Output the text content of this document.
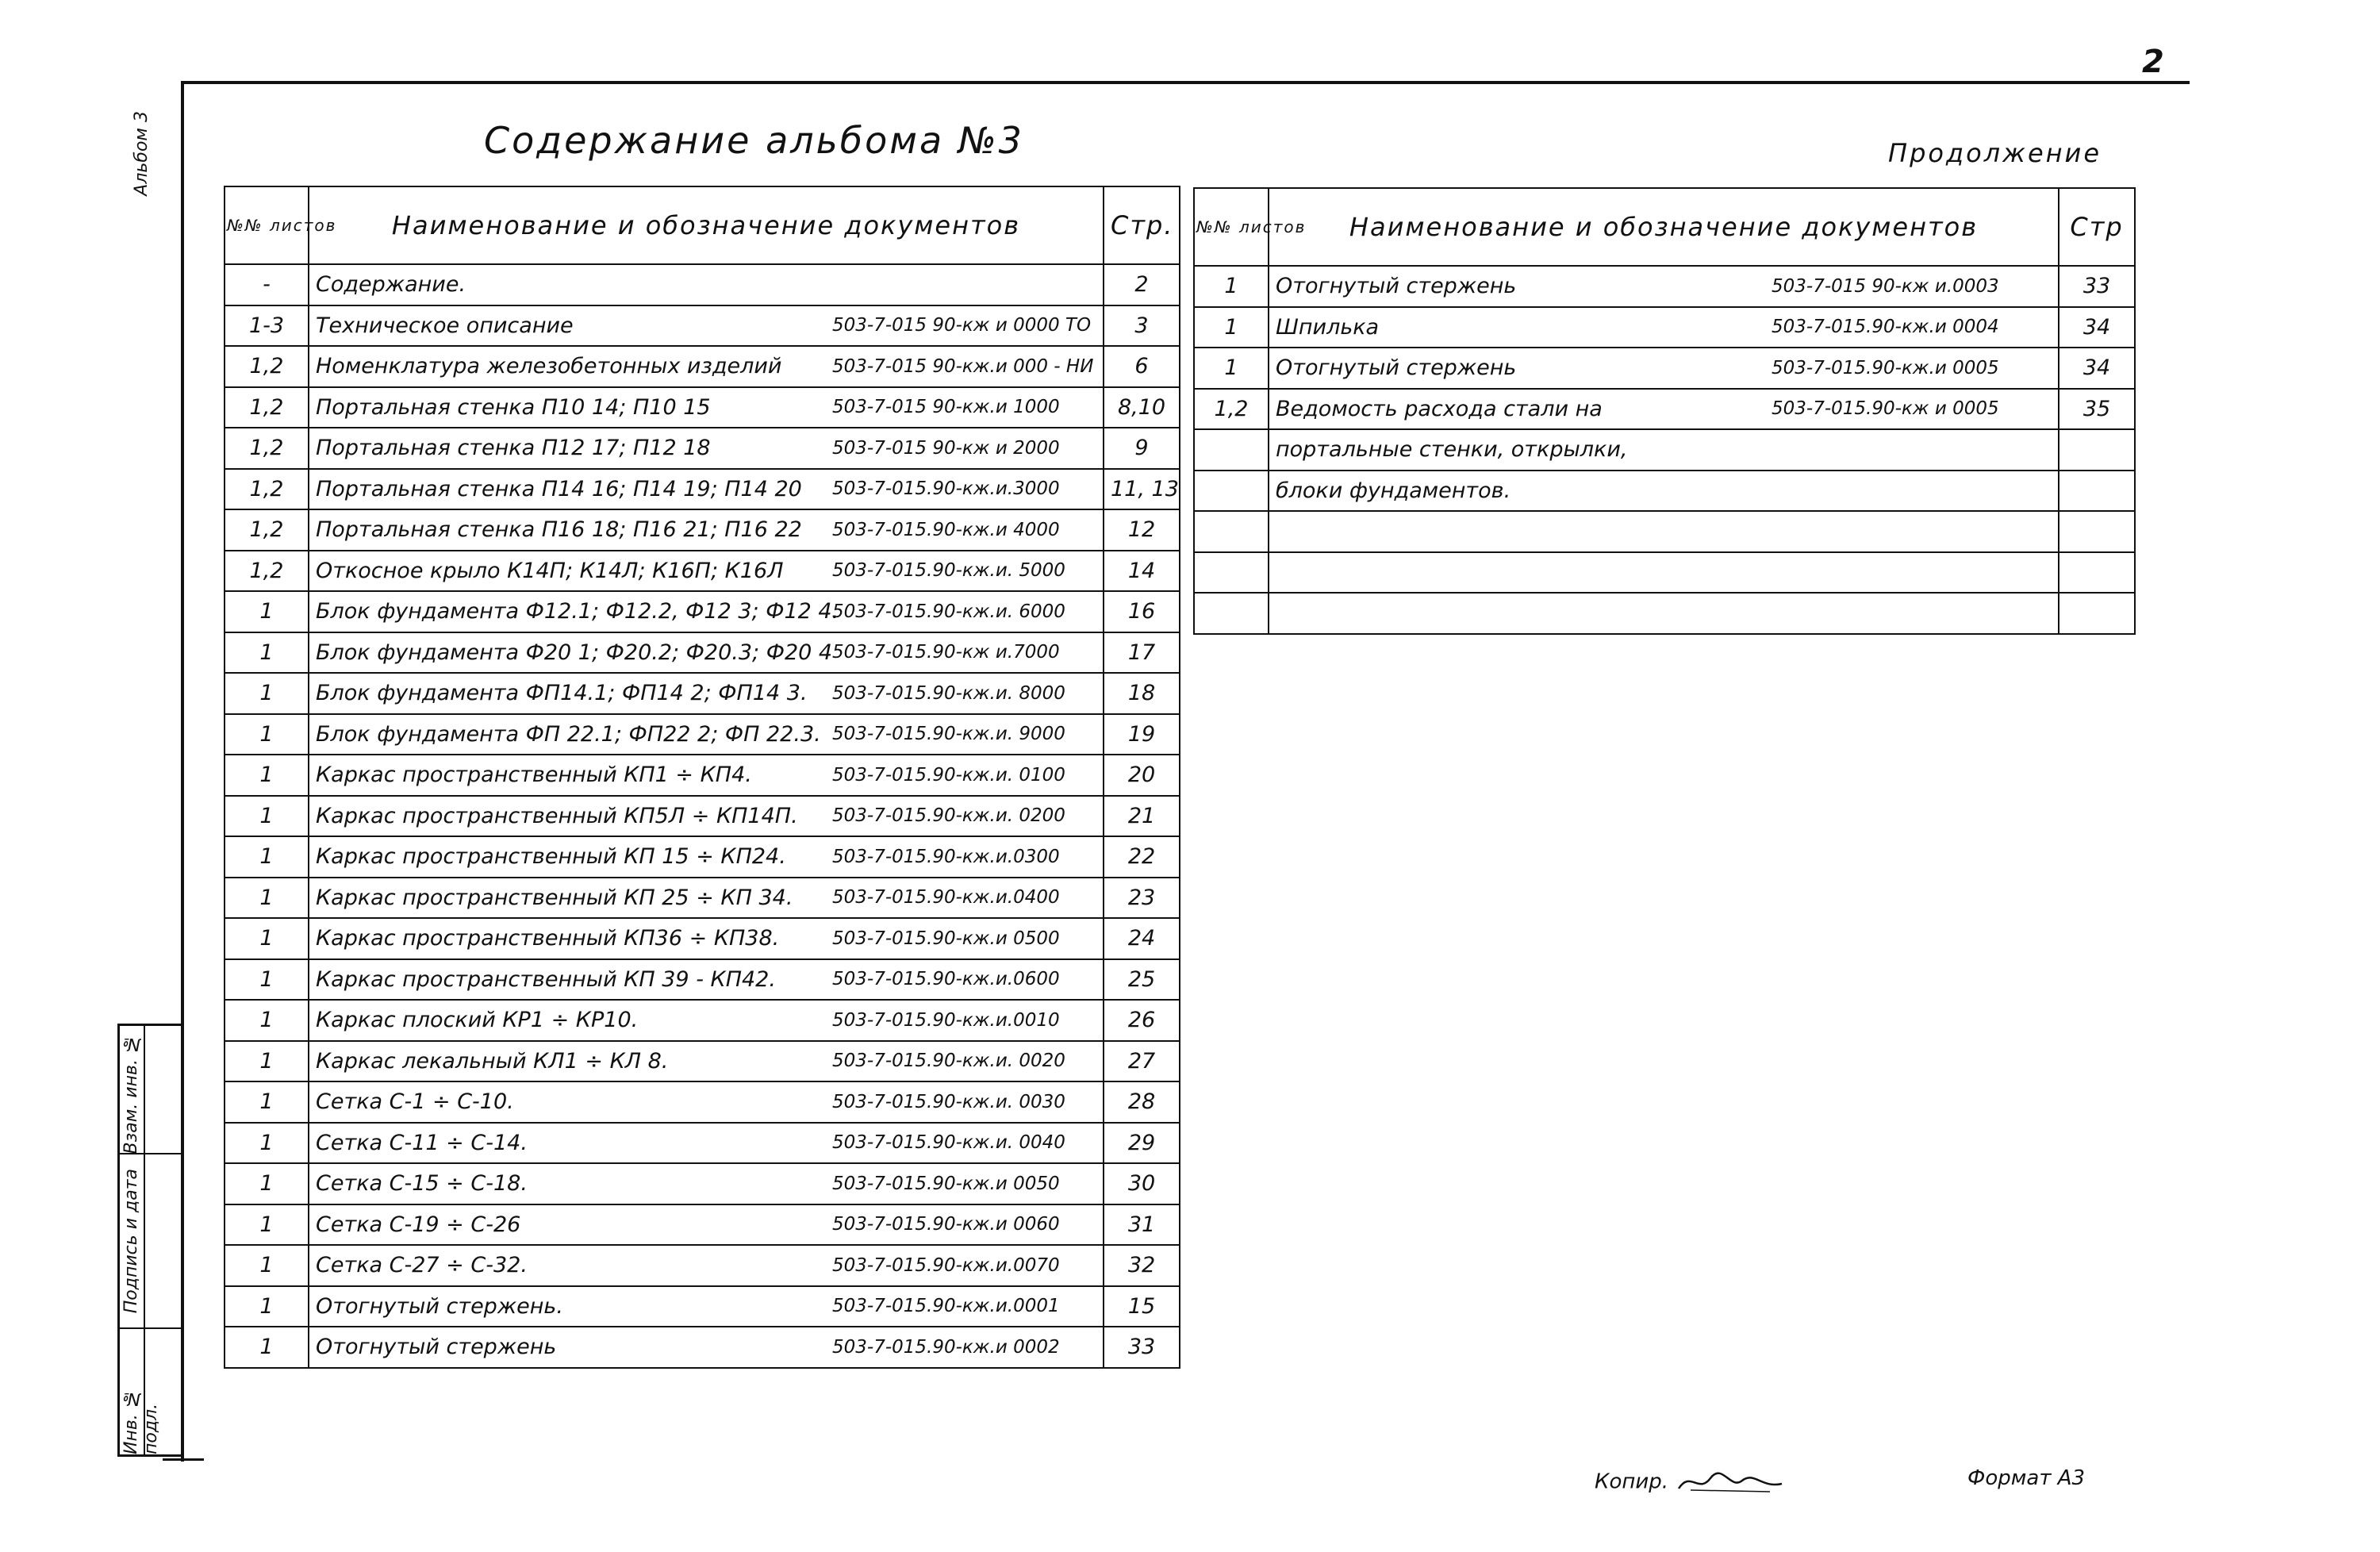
2
Альбом 3	Содержание альбома №3	Продолжение
№№ листов	Наименование и обозначение документов		Стр.
-	Содержание.		2
1-3	Техническое описание	503-7-015 90-кж и 0000 ТО	3
1,2	Номенклатура железобетонных изделий	503-7-015 90-кж.и 000 - НИ	6
1,2	Портальная стенка П10 14; П10 15	503-7-015 90-кж.и 1000	8,10
1,2	Портальная стенка П12 17; П12 18	503-7-015 90-кж и 2000	9
1,2	Портальная стенка П14 16; П14 19; П14 20	503-7-015.90-кж.и.3000	11, 13
1,2	Портальная стенка П16 18; П16 21; П16 22	503-7-015.90-кж.и 4000	12
1,2	Откосное крыло К14П; К14Л; К16П; К16Л	503-7-015.90-кж.и. 5000	14
1	Блок фундамента Ф12.1; Ф12.2, Ф12 3; Ф12 4.	503-7-015.90-кж.и. 6000	16
1	Блок фундамента Ф20 1; Ф20.2; Ф20.3; Ф20 4	503-7-015.90-кж и.7000	17
1	Блок фундамента ФП14.1; ФП14 2; ФП14 3.	503-7-015.90-кж.и. 8000	18
1	Блок фундамента ФП 22.1; ФП22 2; ФП 22.3.	503-7-015.90-кж.и. 9000	19
1	Каркас пространственный КП1 ÷ КП4.	503-7-015.90-кж.и. 0100	20
1	Каркас пространственный КП5Л ÷ КП14П.	503-7-015.90-кж.и. 0200	21
1	Каркас пространственный КП 15 ÷ КП24.	503-7-015.90-кж.и.0300	22
1	Каркас пространственный КП 25 ÷ КП 34.	503-7-015.90-кж.и.0400	23
1	Каркас пространственный КП36 ÷ КП38.	503-7-015.90-кж.и 0500	24
1	Каркас пространственный КП 39 - КП42.	503-7-015.90-кж.и.0600	25
1	Каркас плоский КР1 ÷ КР10.	503-7-015.90-кж.и.0010	26
1	Каркас лекальный КЛ1 ÷ КЛ 8.	503-7-015.90-кж.и. 0020	27
1	Сетка С-1 ÷ С-10.	503-7-015.90-кж.и. 0030	28
1	Сетка С-11 ÷ С-14.	503-7-015.90-кж.и. 0040	29
1	Сетка С-15 ÷ С-18.	503-7-015.90-кж.и 0050	30
1	Сетка С-19 ÷ С-26	503-7-015.90-кж.и 0060	31
1	Сетка С-27 ÷ С-32.	503-7-015.90-кж.и.0070	32
1	Отогнутый стержень.	503-7-015.90-кж.и.0001	15
1	Отогнутый стержень	503-7-015.90-кж.и 0002	33
№№ листов	Наименование и обозначение документов		Стр
1	Отогнутый стержень	503-7-015 90-кж и.0003	33
1	Шпилька	503-7-015.90-кж.и 0004	34
1	Отогнутый стержень	503-7-015.90-кж.и 0005	34
1,2	Ведомость расхода стали на	503-7-015.90-кж и 0005	35
	портальные стенки, открылки,		
	блоки фундаментов.		

Взам. инв. №
Подпись и дата
Инв. № подл.
Копир.	Формат А3
